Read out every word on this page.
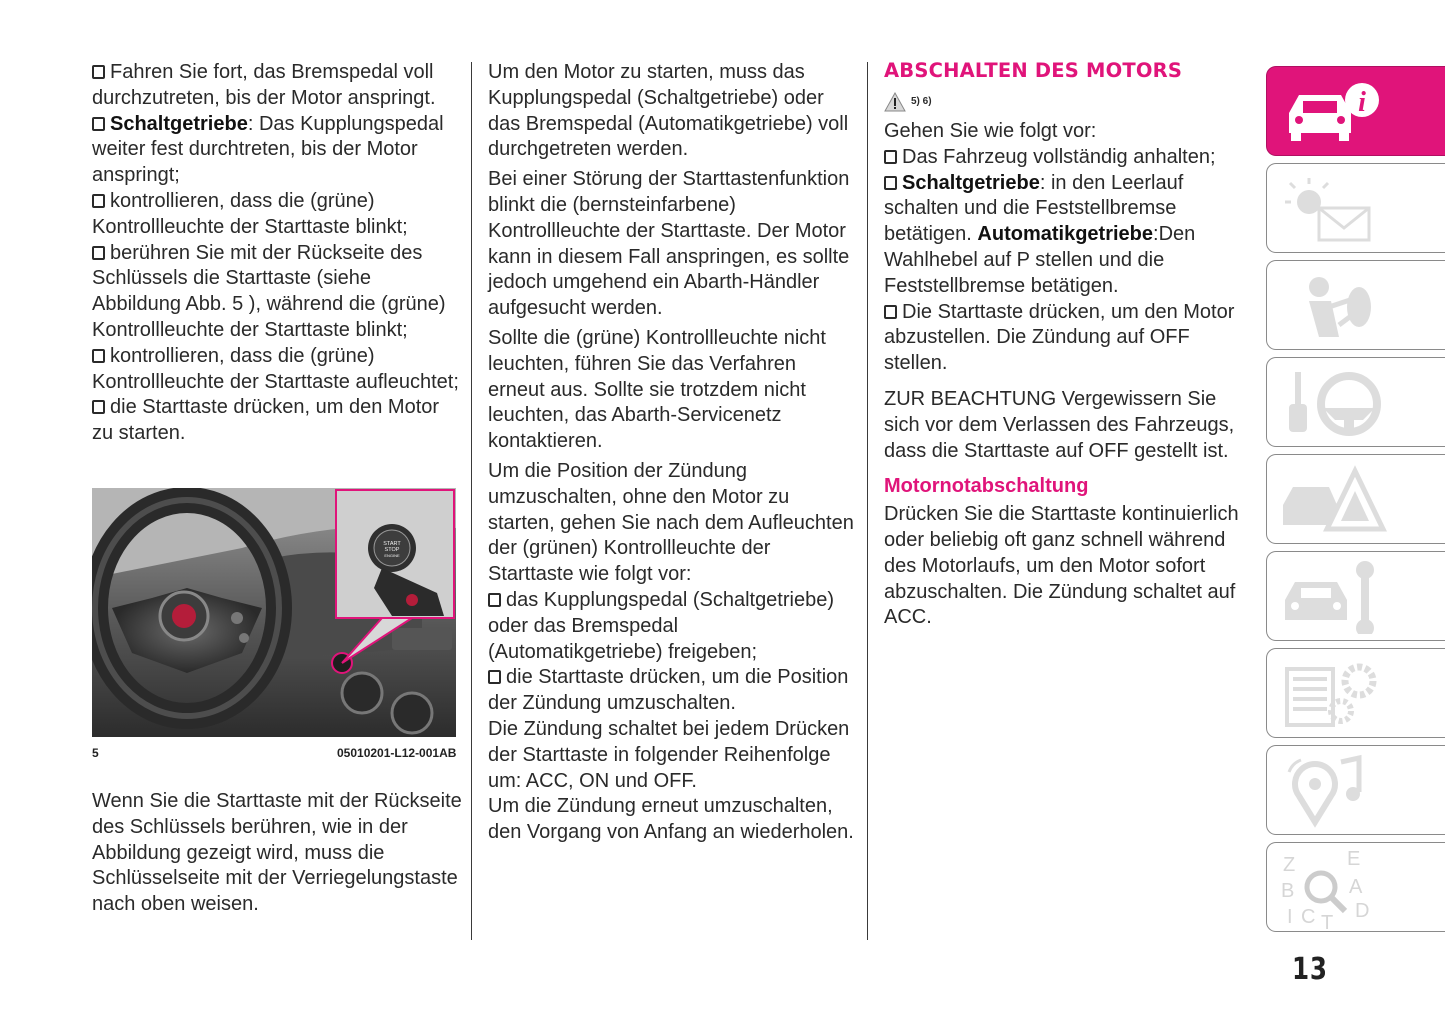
Fahren Sie fort, das Bremspedal voll durchzutreten, bis der Motor anspringt.

Schaltgetriebe: Das Kupplungspedal weiter fest durchtreten, bis der Motor anspringt;

kontrollieren, dass die (grüne) Kontrollleuchte der Starttaste blinkt;

berühren Sie mit der Rückseite des Schlüssels die Starttaste (siehe Abbildung Abb. 5 ), während die (grüne) Kontrollleuchte der Starttaste blinkt;

kontrollieren, dass die (grüne) Kontrollleuchte der Starttaste aufleuchtet;

die Starttaste drücken, um den Motor zu starten.

START
STOP
ENGINE
5	05010201-L12-001AB
Wenn Sie die Starttaste mit der Rückseite des Schlüssels berühren, wie in der Abbildung gezeigt wird, muss die Schlüsselseite mit der Verriegelungstaste nach oben weisen.

Um den Motor zu starten, muss das Kupplungspedal (Schaltgetriebe) oder das Bremspedal (Automatikgetriebe) voll durchgetreten werden.

Bei einer Störung der Starttastenfunktion blinkt die (bernsteinfarbene) Kontrollleuchte der Starttaste. Der Motor kann in diesem Fall anspringen, es sollte jedoch umgehend ein Abarth-Händler aufgesucht werden.

Sollte die (grüne) Kontrollleuchte nicht leuchten, führen Sie das Verfahren erneut aus. Sollte sie trotzdem nicht leuchten, das Abarth-Servicenetz kontaktieren.

Um die Position der Zündung umzuschalten, ohne den Motor zu starten, gehen Sie nach dem Aufleuchten der (grünen) Kontrollleuchte der Starttaste wie folgt vor:

das Kupplungspedal (Schaltgetriebe) oder das Bremspedal (Automatikgetriebe) freigeben;

die Starttaste drücken, um die Position der Zündung umzuschalten.

Die Zündung schaltet bei jedem Drücken der Starttaste in folgender Reihenfolge um: ACC, ON und OFF.

Um die Zündung erneut umzuschalten, den Vorgang von Anfang an wiederholen.

ABSCHALTEN DES MOTORS
5) 6)

Gehen Sie wie folgt vor:

Das Fahrzeug vollständig anhalten;

Schaltgetriebe: in den Leerlauf schalten und die Feststellbremse betätigen. Automatikgetriebe:Den Wahlhebel auf P stellen und die Feststellbremse betätigen.

Die Starttaste drücken, um den Motor abzustellen. Die Zündung auf OFF stellen.

ZUR BEACHTUNG Vergewissern Sie sich vor dem Verlassen des Fahrzeugs, dass die Starttaste auf OFF gestellt ist.

Motornotabschaltung

Drücken Sie die Starttaste kontinuierlich oder beliebig oft ganz schnell während des Motorlaufs, um den Motor sofort abzuschalten. Die Zündung schaltet auf ACC.

i
Z	E
A
B
C T
D
I
13
